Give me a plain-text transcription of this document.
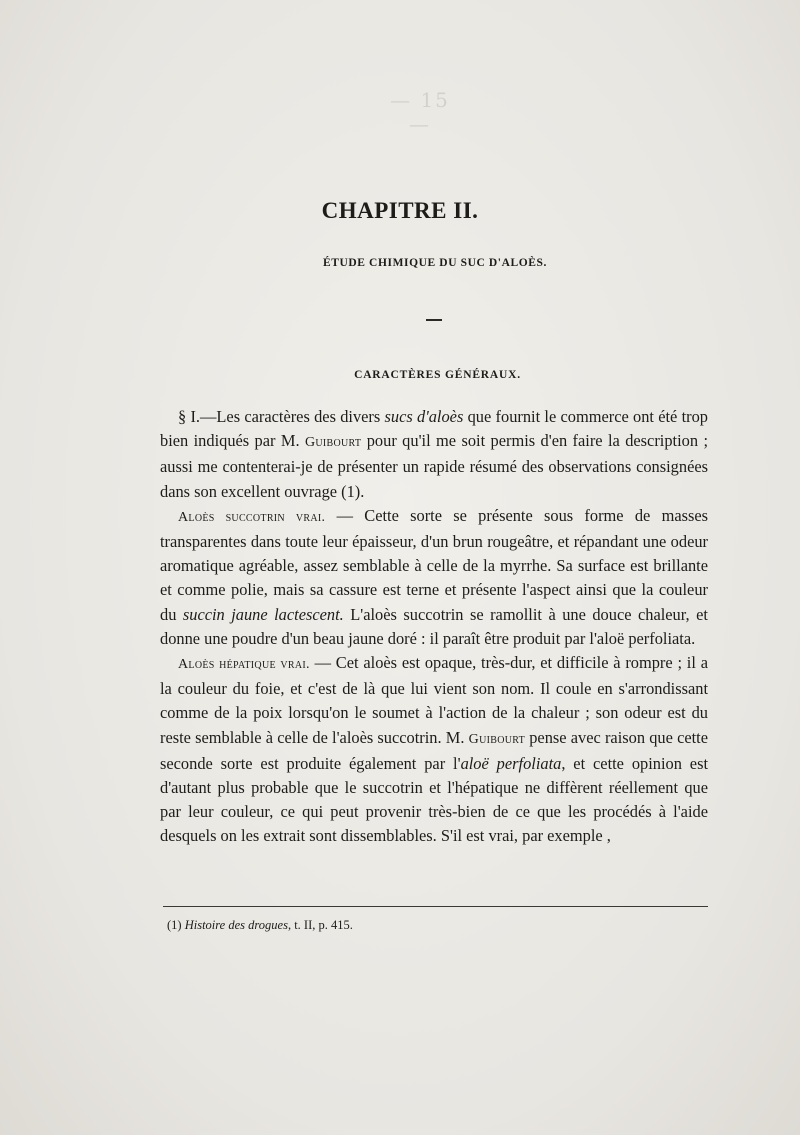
— 15 —
CHAPITRE II.
ÉTUDE CHIMIQUE DU SUC D'ALOÈS.
CARACTÈRES GÉNÉRAUX.

§ I.—Les caractères des divers sucs d'aloès que fournit le commerce ont été trop bien indiqués par M. Guibourt pour qu'il me soit permis d'en faire la description ; aussi me contenterai-je de présenter un rapide résumé des observations consignées dans son excellent ouvrage (1).

Aloès succotrin vrai. — Cette sorte se présente sous forme de masses transparentes dans toute leur épaisseur, d'un brun rougeâtre, et répandant une odeur aromatique agréable, assez semblable à celle de la myrrhe. Sa surface est brillante et comme polie, mais sa cassure est terne et présente l'aspect ainsi que la couleur du succin jaune lactescent. L'aloès succotrin se ramollit à une douce chaleur, et donne une poudre d'un beau jaune doré : il paraît être produit par l'aloë perfoliata.

Aloès hépatique vrai. — Cet aloès est opaque, très-dur, et difficile à rompre ; il a la couleur du foie, et c'est de là que lui vient son nom. Il coule en s'arrondissant comme de la poix lorsqu'on le soumet à l'action de la chaleur ; son odeur est du reste semblable à celle de l'aloès succotrin. M. Guibourt pense avec raison que cette seconde sorte est produite également par l'aloë perfoliata, et cette opinion est d'autant plus probable que le succotrin et l'hépatique ne diffèrent réellement que par leur couleur, ce qui peut provenir très-bien de ce que les procédés à l'aide desquels on les extrait sont dissemblables. S'il est vrai, par exemple ,

(1) Histoire des drogues, t. II, p. 415.
